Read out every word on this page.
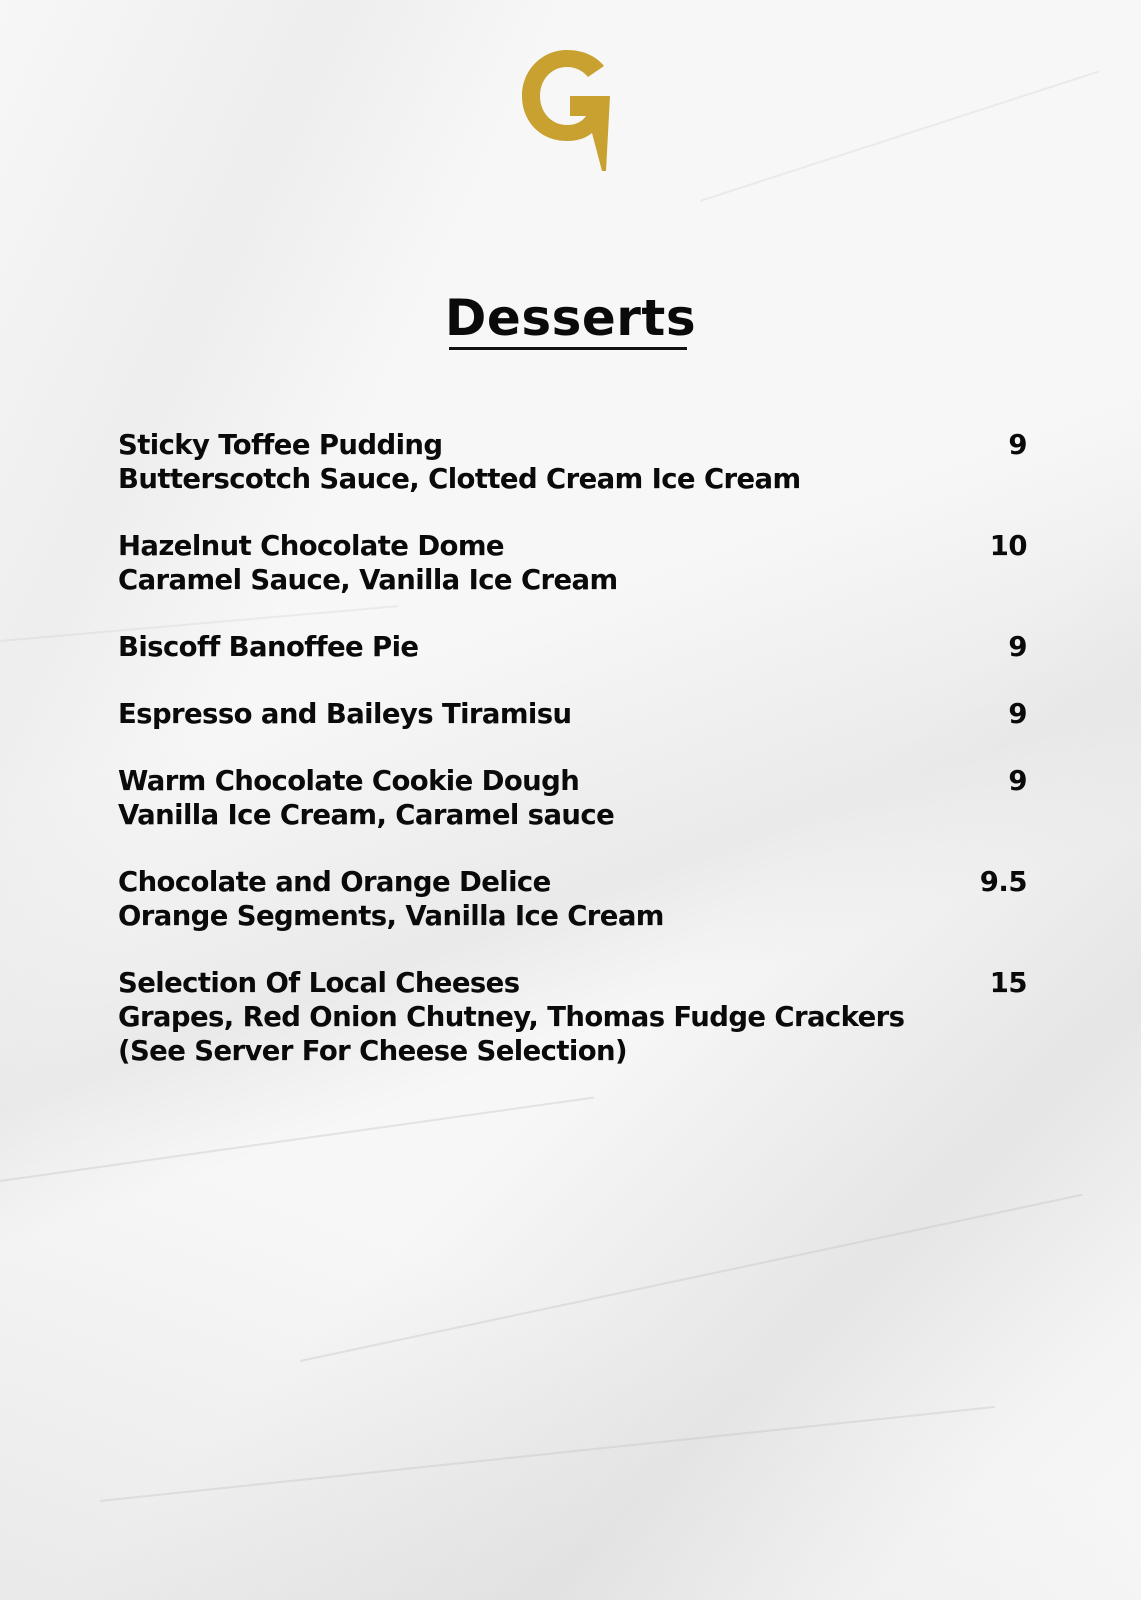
Desserts
Sticky Toffee Pudding
Butterscotch Sauce, Clotted Cream Ice Cream
9
Hazelnut Chocolate Dome
Caramel Sauce, Vanilla Ice Cream
10
Biscoff Banoffee Pie	9
Espresso and Baileys Tiramisu	9
Warm Chocolate Cookie Dough
Vanilla Ice Cream, Caramel sauce
9
Chocolate and Orange Delice
Orange Segments, Vanilla Ice Cream
9.5
Selection Of Local Cheeses
Grapes, Red Onion Chutney, Thomas Fudge Crackers
(See Server For Cheese Selection)
15
